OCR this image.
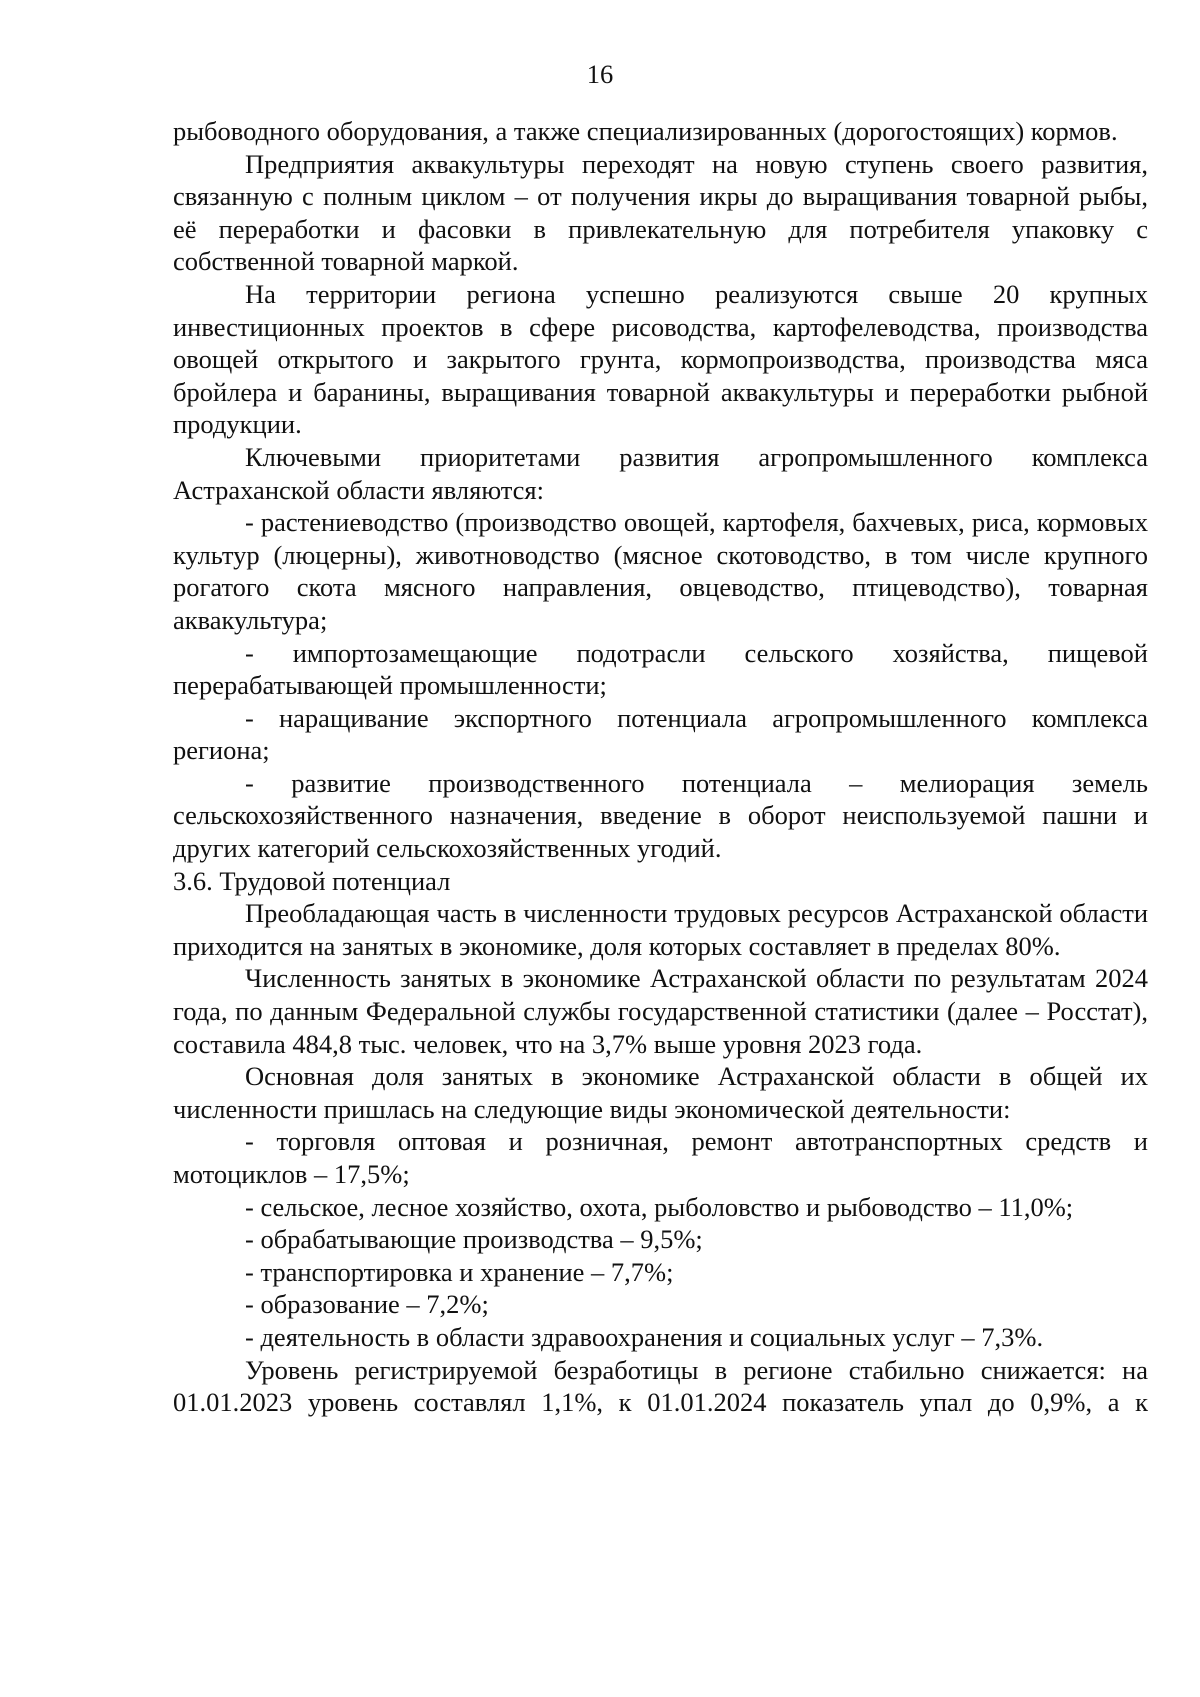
16

рыбоводного оборудования, а также специализированных (дорогостоящих) кормов.

Предприятия аквакультуры переходят на новую ступень своего развития, связанную с полным циклом – от получения икры до выращивания товарной рыбы, её переработки и фасовки в привлекательную для потребителя упаковку с собственной товарной маркой.

На территории региона успешно реализуются свыше 20 крупных инвестиционных проектов в сфере рисоводства, картофелеводства, производства овощей открытого и закрытого грунта, кормопроизводства, производства мяса бройлера и баранины, выращивания товарной аквакультуры и переработки рыбной продукции.

Ключевыми приоритетами развития агропромышленного комплекса Астраханской области являются:

- растениеводство (производство овощей, картофеля, бахчевых, риса, кормовых культур (люцерны), животноводство (мясное скотоводство, в том числе крупного рогатого скота мясного направления, овцеводство, птицеводство), товарная аквакультура;

- импортозамещающие подотрасли сельского хозяйства, пищевой перерабатывающей промышленности;

- наращивание экспортного потенциала агропромышленного комплекса региона;

- развитие производственного потенциала – мелиорация земель сельскохозяйственного назначения, введение в оборот неиспользуемой пашни и других категорий сельскохозяйственных угодий.

3.6. Трудовой потенциал

Преобладающая часть в численности трудовых ресурсов Астраханской области приходится на занятых в экономике, доля которых составляет в пределах 80%.

Численность занятых в экономике Астраханской области по результатам 2024 года, по данным Федеральной службы государственной статистики (далее – Росстат), составила 484,8 тыс. человек, что на 3,7% выше уровня 2023 года.

Основная доля занятых в экономике Астраханской области в общей их численности пришлась на следующие виды экономической деятельности:

- торговля оптовая и розничная, ремонт автотранспортных средств и мотоциклов – 17,5%;

- сельское, лесное хозяйство, охота, рыболовство и рыбоводство – 11,0%;

- обрабатывающие производства – 9,5%;

- транспортировка и хранение – 7,7%;

- образование – 7,2%;

- деятельность в области здравоохранения и социальных услуг – 7,3%.

Уровень регистрируемой безработицы в регионе стабильно снижается: на 01.01.2023 уровень составлял 1,1%, к 01.01.2024 показатель упал до 0,9%, а к
